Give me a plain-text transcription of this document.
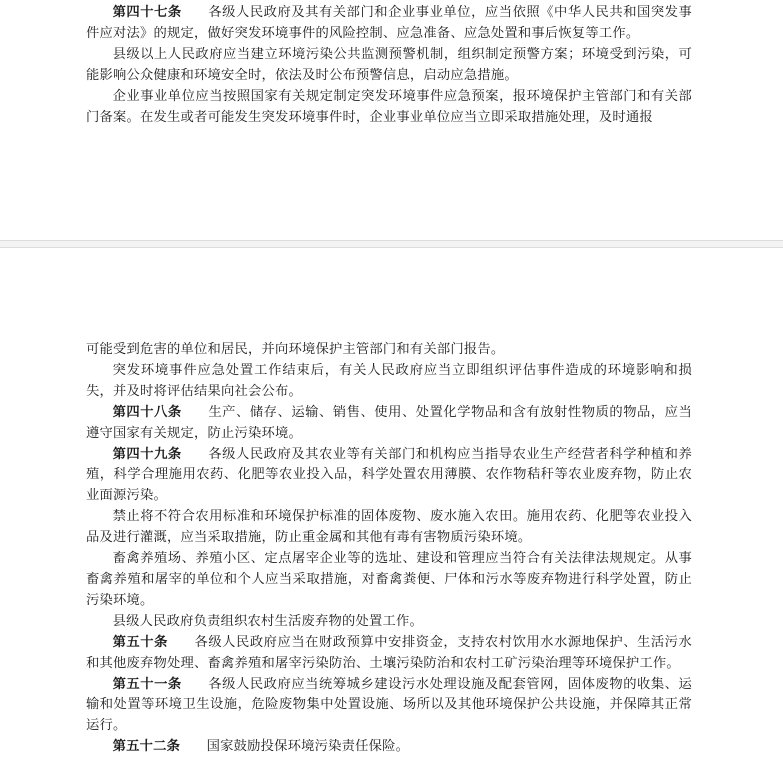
第四十七条 各级人民政府及其有关部门和企业事业单位，应当依照《中华人民共和国突发事件应对法》的规定，做好突发环境事件的风险控制、应急准备、应急处置和事后恢复等工作。

县级以上人民政府应当建立环境污染公共监测预警机制，组织制定预警方案；环境受到污染，可能影响公众健康和环境安全时，依法及时公布预警信息，启动应急措施。

企业事业单位应当按照国家有关规定制定突发环境事件应急预案，报环境保护主管部门和有关部门备案。在发生或者可能发生突发环境事件时，企业事业单位应当立即采取措施处理，及时通报

可能受到危害的单位和居民，并向环境保护主管部门和有关部门报告。

突发环境事件应急处置工作结束后，有关人民政府应当立即组织评估事件造成的环境影响和损失，并及时将评估结果向社会公布。

第四十八条 生产、储存、运输、销售、使用、处置化学物品和含有放射性物质的物品，应当遵守国家有关规定，防止污染环境。

第四十九条 各级人民政府及其农业等有关部门和机构应当指导农业生产经营者科学种植和养殖，科学合理施用农药、化肥等农业投入品，科学处置农用薄膜、农作物秸秆等农业废弃物，防止农业面源污染。

禁止将不符合农用标准和环境保护标准的固体废物、废水施入农田。施用农药、化肥等农业投入品及进行灌溉，应当采取措施，防止重金属和其他有毒有害物质污染环境。

畜禽养殖场、养殖小区、定点屠宰企业等的选址、建设和管理应当符合有关法律法规规定。从事畜禽养殖和屠宰的单位和个人应当采取措施，对畜禽粪便、尸体和污水等废弃物进行科学处置，防止污染环境。

县级人民政府负责组织农村生活废弃物的处置工作。

第五十条 各级人民政府应当在财政预算中安排资金，支持农村饮用水水源地保护、生活污水和其他废弃物处理、畜禽养殖和屠宰污染防治、土壤污染防治和农村工矿污染治理等环境保护工作。

第五十一条 各级人民政府应当统筹城乡建设污水处理设施及配套管网，固体废物的收集、运输和处置等环境卫生设施，危险废物集中处置设施、场所以及其他环境保护公共设施，并保障其正常运行。

第五十二条 国家鼓励投保环境污染责任保险。
